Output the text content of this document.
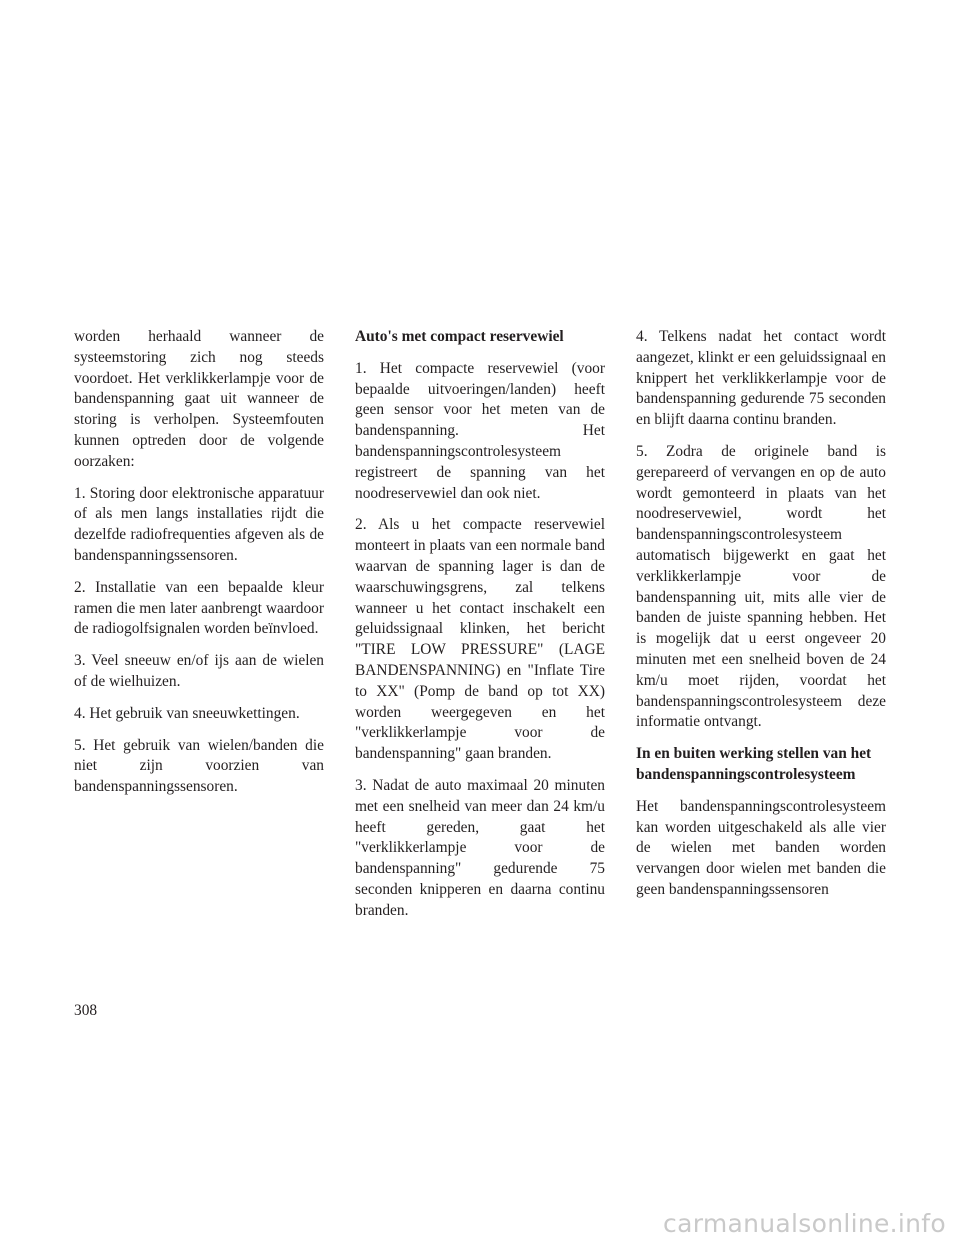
worden herhaald wanneer de systeemstoring zich nog steeds voordoet. Het verklikkerlampje voor de bandenspanning gaat uit wanneer de storing is verholpen. Systeemfouten kunnen optreden door de volgende oorzaken:

1. Storing door elektronische apparatuur of als men langs installaties rijdt die dezelfde radiofrequenties afgeven als de bandenspanningssensoren.

2. Installatie van een bepaalde kleur ramen die men later aanbrengt waardoor de radiogolfsignalen worden beïnvloed.

3. Veel sneeuw en/of ijs aan de wielen of de wielhuizen.

4. Het gebruik van sneeuwkettingen.

5. Het gebruik van wielen/banden die niet zijn voorzien van bandenspanningssensoren.

Auto's met compact reservewiel

1. Het compacte reservewiel (voor bepaalde uitvoeringen/landen) heeft geen sensor voor het meten van de bandenspanning. Het bandenspanningscontrolesysteem registreert de spanning van het noodreservewiel dan ook niet.

2. Als u het compacte reservewiel monteert in plaats van een normale band waarvan de spanning lager is dan de waarschuwingsgrens, zal telkens wanneer u het contact inschakelt een geluidssignaal klinken, het bericht "TIRE LOW PRESSURE" (LAGE BANDENSPANNING) en "Inflate Tire to XX" (Pomp de band op tot XX) worden weergegeven en het "verklikkerlampje voor de bandenspanning" gaan branden.

3. Nadat de auto maximaal 20 minuten met een snelheid van meer dan 24 km/u heeft gereden, gaat het "verklikkerlampje voor de bandenspanning" gedurende 75 seconden knipperen en daarna continu branden.

4. Telkens nadat het contact wordt aangezet, klinkt er een geluidssignaal en knippert het verklikkerlampje voor de bandenspanning gedurende 75 seconden en blijft daarna continu branden.

5. Zodra de originele band is gerepareerd of vervangen en op de auto wordt gemonteerd in plaats van het noodreservewiel, wordt het bandenspanningscontrolesysteem automatisch bijgewerkt en gaat het verklikkerlampje voor de bandenspanning uit, mits alle vier de banden de juiste spanning hebben. Het is mogelijk dat u eerst ongeveer 20 minuten met een snelheid boven de 24 km/u moet rijden, voordat het bandenspanningscontrolesysteem deze informatie ontvangt.

In en buiten werking stellen van het bandenspanningscontrolesysteem

Het bandenspanningscontrolesysteem kan worden uitgeschakeld als alle vier de wielen met banden worden vervangen door wielen met banden die geen bandenspanningssensoren

308
carmanualsonline.info
